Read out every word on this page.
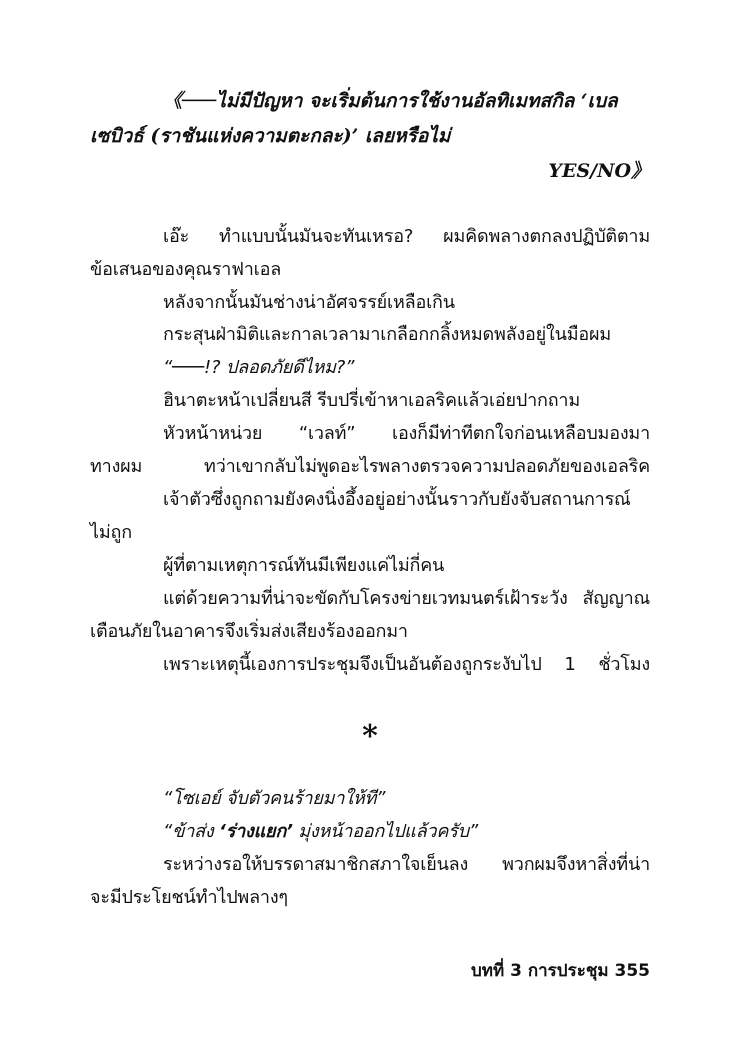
《───ไม่มีปัญหา จะเริ่มต้นการใช้งานอัลทิเมทสกิล ‘เบล
เซบิวธ์ (ราชันแห่งความตะกละ)’ เลยหรือไม่
YES/NO》
เอ๊ะ ทำแบบนั้นมันจะทันเหรอ? ผมคิดพลางตกลงปฏิบัติตาม
ข้อเสนอของคุณราฟาเอล
หลังจากนั้นมันช่างน่าอัศจรรย์เหลือเกิน
กระสุนฝ่ามิติและกาลเวลามาเกลือกกลิ้งหมดพลังอยู่ในมือผม
“───!? ปลอดภัยดีไหม?”
ฮินาตะหน้าเปลี่ยนสี รีบปรี่เข้าหาเอลริคแล้วเอ่ยปากถาม
หัวหน้าหน่วย “เวลท์” เองก็มีท่าทีตกใจก่อนเหลือบมองมา
ทางผม ทว่าเขากลับไม่พูดอะไรพลางตรวจความปลอดภัยของเอลริค
เจ้าตัวซึ่งถูกถามยังคงนิ่งอึ้งอยู่อย่างนั้นราวกับยังจับสถานการณ์
ไม่ถูก
ผู้ที่ตามเหตุการณ์ทันมีเพียงแค่ไม่กี่คน
แต่ด้วยความที่น่าจะขัดกับโครงข่ายเวทมนตร์เฝ้าระวัง สัญญาณ
เตือนภัยในอาคารจึงเริ่มส่งเสียงร้องออกมา
เพราะเหตุนี้เองการประชุมจึงเป็นอันต้องถูกระงับไป 1 ชั่วโมง
*
“โซเอย์ จับตัวคนร้ายมาให้ที”
“ข้าส่ง ‘ร่างแยก’ มุ่งหน้าออกไปแล้วครับ”
ระหว่างรอให้บรรดาสมาชิกสภาใจเย็นลง พวกผมจึงหาสิ่งที่น่า
จะมีประโยชน์ทำไปพลางๆ
บทที่ 3 การประชุม 355
